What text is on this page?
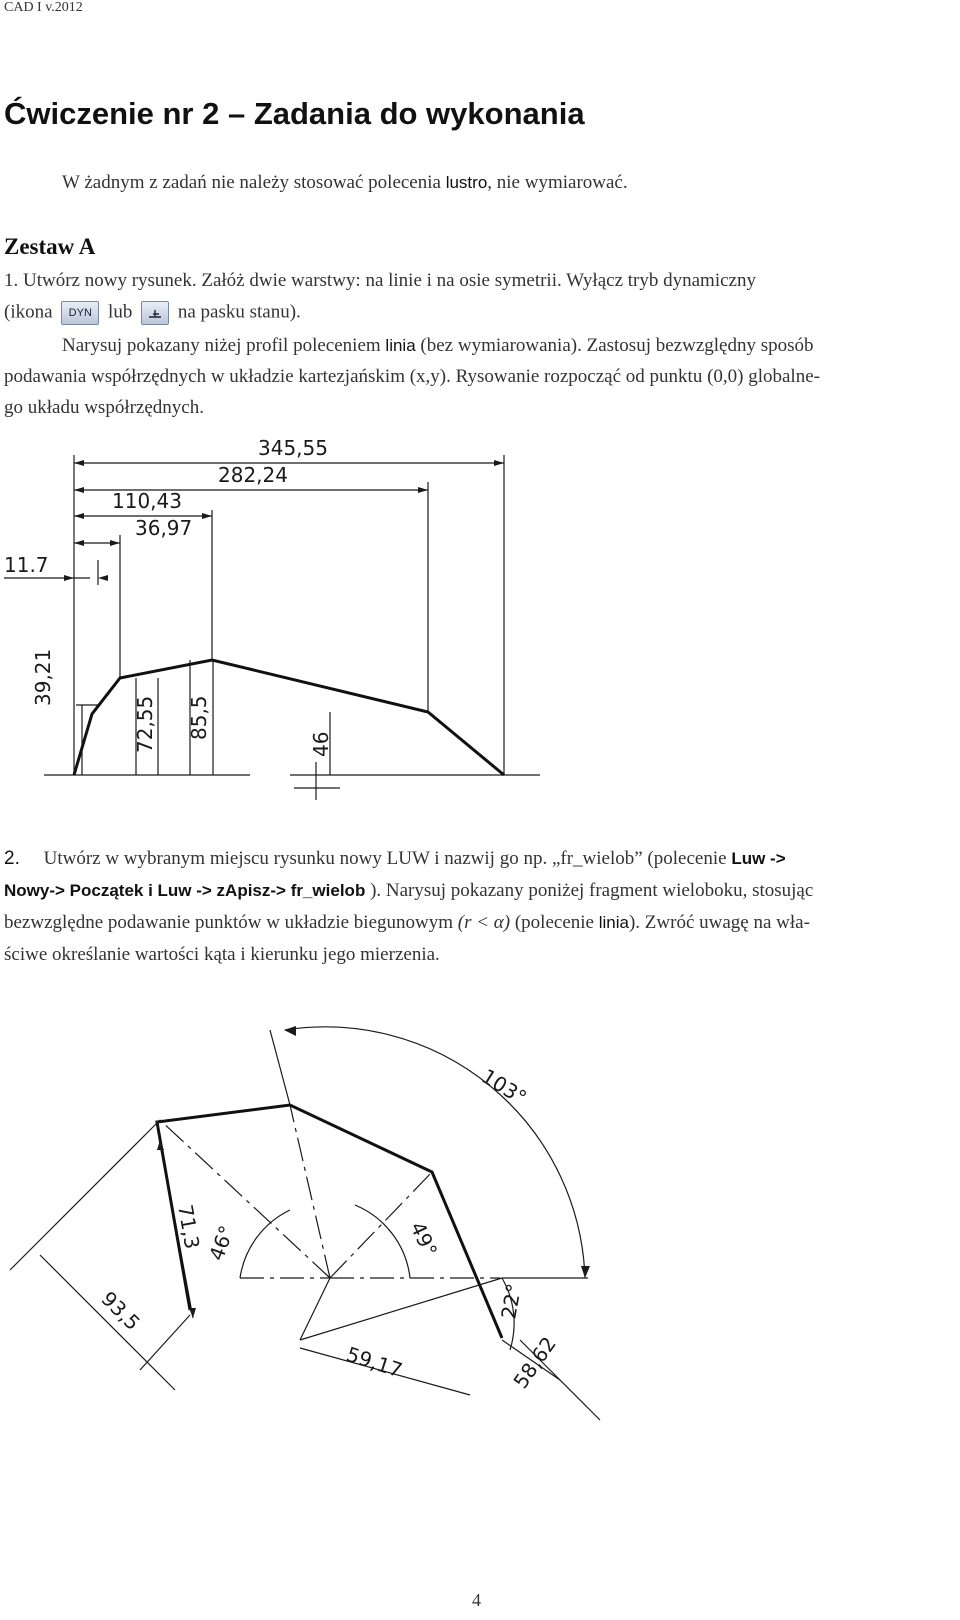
CAD I v.2012
Ćwiczenie nr 2 – Zadania do wykonania
W żadnym z zadań nie należy stosować polecenia lustro, nie wymiarować.
Zestaw A
1. Utwórz nowy rysunek. Załóż dwie warstwy: na linie i na osie symetrii. Wyłącz tryb dynamiczny
(ikona DYN lub  na pasku stanu).
Narysuj pokazany niżej profil poleceniem linia (bez wymiarowania). Zastosuj bezwzględny sposób
podawania współrzędnych w układzie kartezjańskim (x,y). Rysowanie rozpocząć od punktu (0,0) globalne-
go układu współrzędnych.
345,55
282,24
110,43
36,97
11.7
39,21
72,55 85,5
46
2. Utwórz w wybranym miejscu rysunku nowy LUW i nazwij go np. „fr_wielob” (polecenie Luw ->
Nowy-> Początek i Luw -> zApisz-> fr_wielob ). Narysuj pokazany poniżej fragment wieloboku, stosując
bezwzględne podawanie punktów w układzie biegunowym (r < α) (polecenie linia). Zwróć uwagę na wła-
ściwe określanie wartości kąta i kierunku jego mierzenia.
103°
71,3 46°	49°
93,5	22°
59,17	58,62
4
